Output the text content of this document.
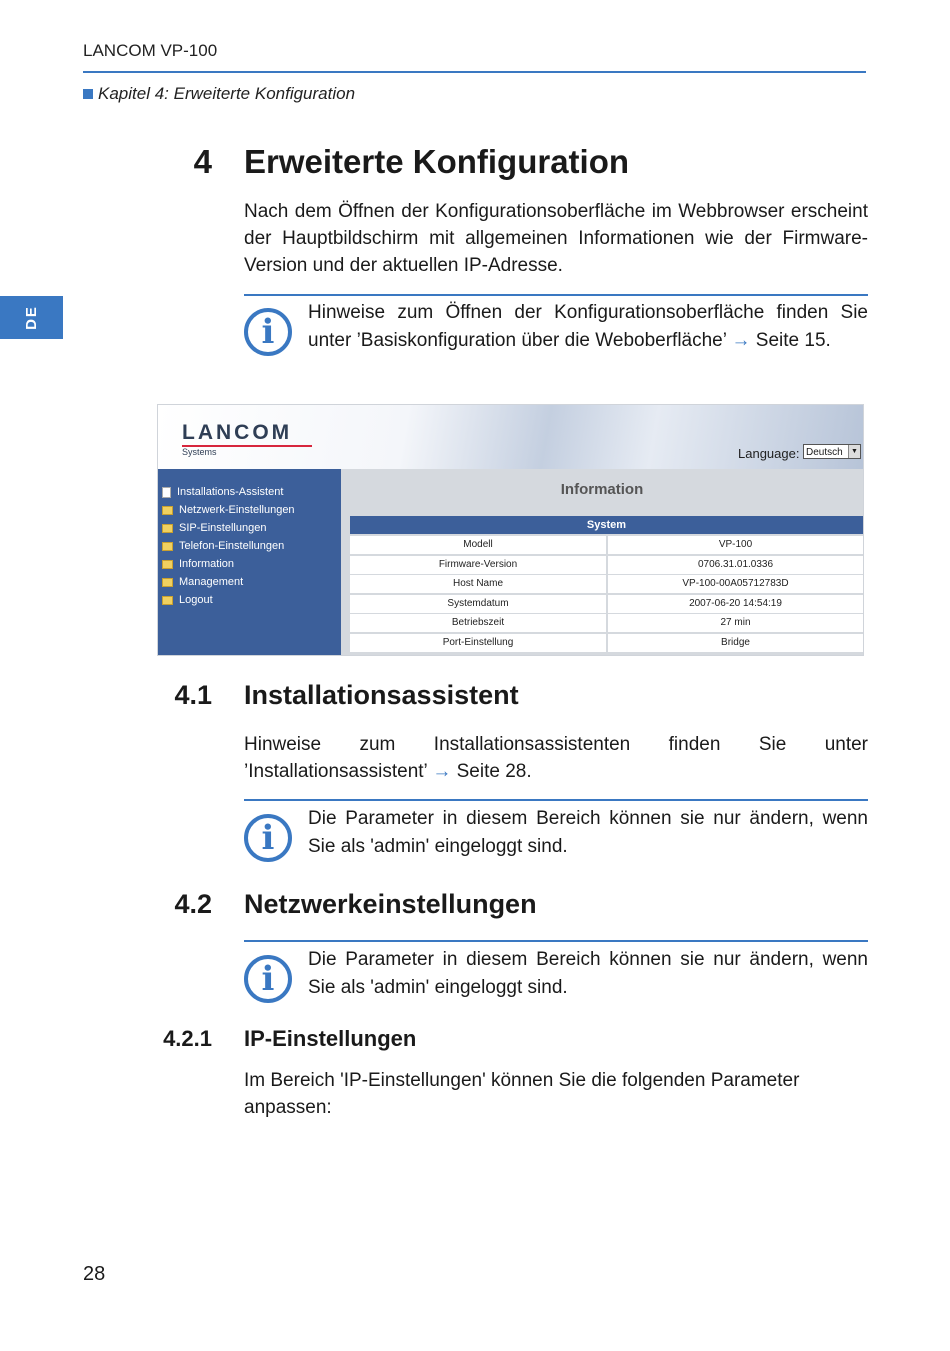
LANCOM VP-100
Kapitel 4: Erweiterte Konfiguration
DE
4 Erweiterte Konfiguration
Nach dem Öffnen der Konfigurationsoberfläche im Webbrowser erscheint der Hauptbildschirm mit allgemeinen Informationen wie der Firmware-Version und der aktuellen IP-Adresse.
i	Hinweise zum Öffnen der Konfigurationsoberfläche finden Sie unter ’Basiskonfiguration über die Weboberfläche’ → Seite 15.
LANCOM
Systems	Language: Deutsch	▼
Installations-Assistent
Netzwerk-Einstellungen
SIP-Einstellungen
Telefon-Einstellungen
Information
Management
Logout
Information
System
Modell	VP-100
Firmware-Version	0706.31.01.0336
Host Name	VP-100-00A05712783D
Systemdatum	2007-06-20 14:54:19
Betriebszeit	27 min
Port-Einstellung	Bridge
4.1 Installationsassistent
Hinweise zum Installationsassistenten finden Sie unter ’Installationsassistent’ → Seite 28.
i	Die Parameter in diesem Bereich können sie nur ändern, wenn Sie als 'admin' eingeloggt sind.
4.2 Netzwerkeinstellungen
i	Die Parameter in diesem Bereich können sie nur ändern, wenn Sie als 'admin' eingeloggt sind.
4.2.1 IP-Einstellungen
Im Bereich 'IP-Einstellungen' können Sie die folgenden Parameter anpassen:
28
